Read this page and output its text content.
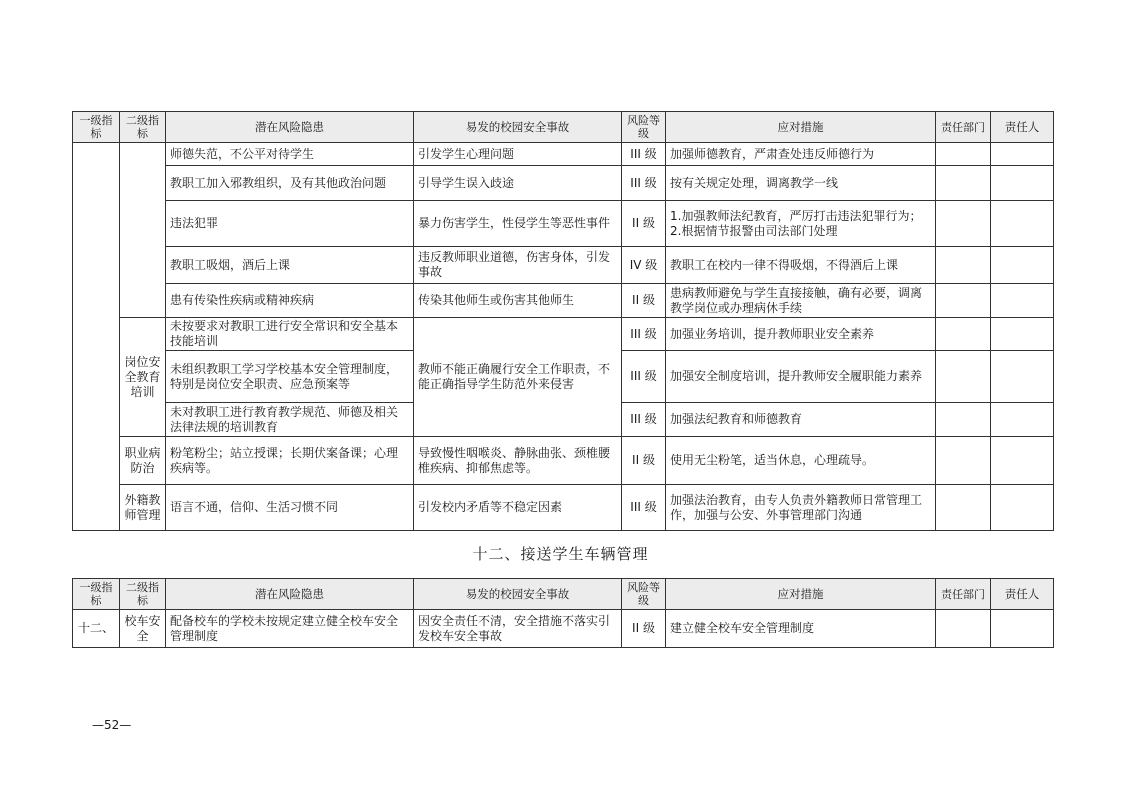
一级指标	二级指标	潜在风险隐患	易发的校园安全事故	风险等级	应对措施	责任部门	责任人
		师德失范，不公平对待学生	引发学生心理问题	III 级	加强师德教育，严肃查处违反师德行为		
		教职工加入邪教组织，及有其他政治问题	引导学生误入歧途	III 级	按有关规定处理，调离教学一线		
		违法犯罪	暴力伤害学生，性侵学生等恶性事件	II 级	1.加强教师法纪教育，严厉打击违法犯罪行为；2.根据情节报警由司法部门处理		
		教职工吸烟，酒后上课	违反教师职业道德，伤害身体，引发事故	IV 级	教职工在校内一律不得吸烟，不得酒后上课		
		患有传染性疾病或精神疾病	传染其他师生或伤害其他师生	II 级	患病教师避免与学生直接接触，确有必要，调离教学岗位或办理病休手续		
	岗位安全教育培训	未按要求对教职工进行安全常识和安全基本技能培训	教师不能正确履行安全工作职责，不能正确指导学生防范外来侵害	III 级	加强业务培训，提升教师职业安全素养		
		未组织教职工学习学校基本安全管理制度，特别是岗位安全职责、应急预案等		III 级	加强安全制度培训，提升教师安全履职能力素养		
		未对教职工进行教育教学规范、师德及相关法律法规的培训教育		III 级	加强法纪教育和师德教育		
	职业病防治	粉笔粉尘；站立授课；长期伏案备课；心理疾病等。	导致慢性咽喉炎、静脉曲张、颈椎腰椎疾病、抑郁焦虑等。	II 级	使用无尘粉笔，适当休息，心理疏导。		
	外籍教师管理	语言不通，信仰、生活习惯不同	引发校内矛盾等不稳定因素	III 级	加强法治教育，由专人负责外籍教师日常管理工作，加强与公安、外事管理部门沟通		
十二、接送学生车辆管理
一级指标	二级指标	潜在风险隐患	易发的校园安全事故	风险等级	应对措施	责任部门	责任人
十二、	校车安全	配备校车的学校未按规定建立健全校车安全管理制度	因安全责任不清，安全措施不落实引发校车安全事故	II 级	建立健全校车安全管理制度		
—52—
